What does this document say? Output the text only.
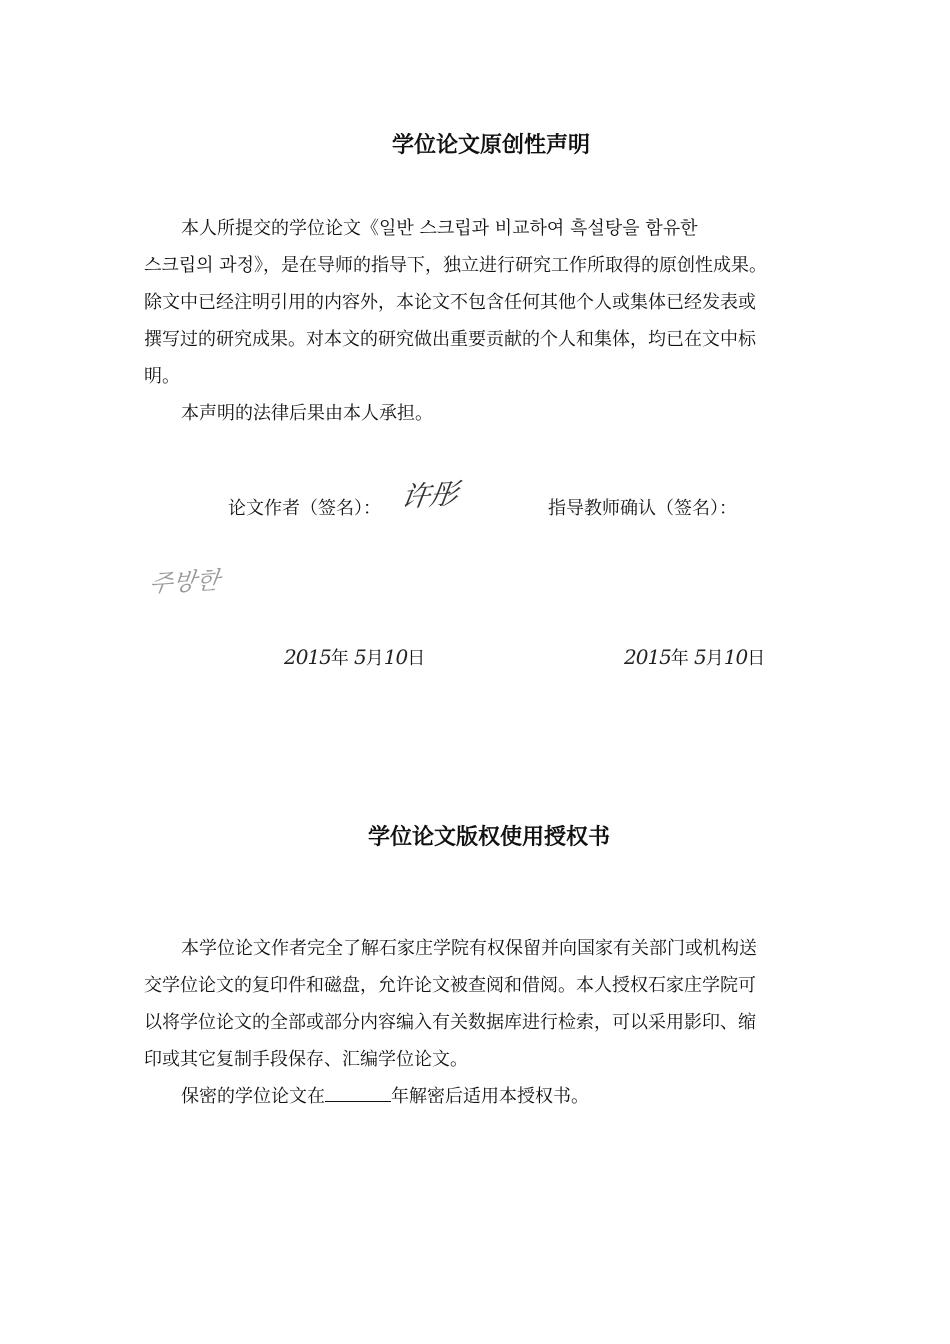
学位论文原创性声明
本人所提交的学位论文《일반 스크립과 비교하여 흑설탕을 함유한
스크립의 과정》，是在导师的指导下，独立进行研究工作所取得的原创性成果。
除文中已经注明引用的内容外，本论文不包含任何其他个人或集体已经发表或
撰写过的研究成果。对本文的研究做出重要贡献的个人和集体，均已在文中标
明。
本声明的法律后果由本人承担。
论文作者（签名）： 许彤	指导教师确认（签名）：
주방한
2015年 5月10日	2015年 5月10日
学位论文版权使用授权书
本学位论文作者完全了解石家庄学院有权保留并向国家有关部门或机构送
交学位论文的复印件和磁盘，允许论文被查阅和借阅。本人授权石家庄学院可
以将学位论文的全部或部分内容编入有关数据库进行检索，可以采用影印、缩
印或其它复制手段保存、汇编学位论文。
保密的学位论文在	年解密后适用本授权书。
